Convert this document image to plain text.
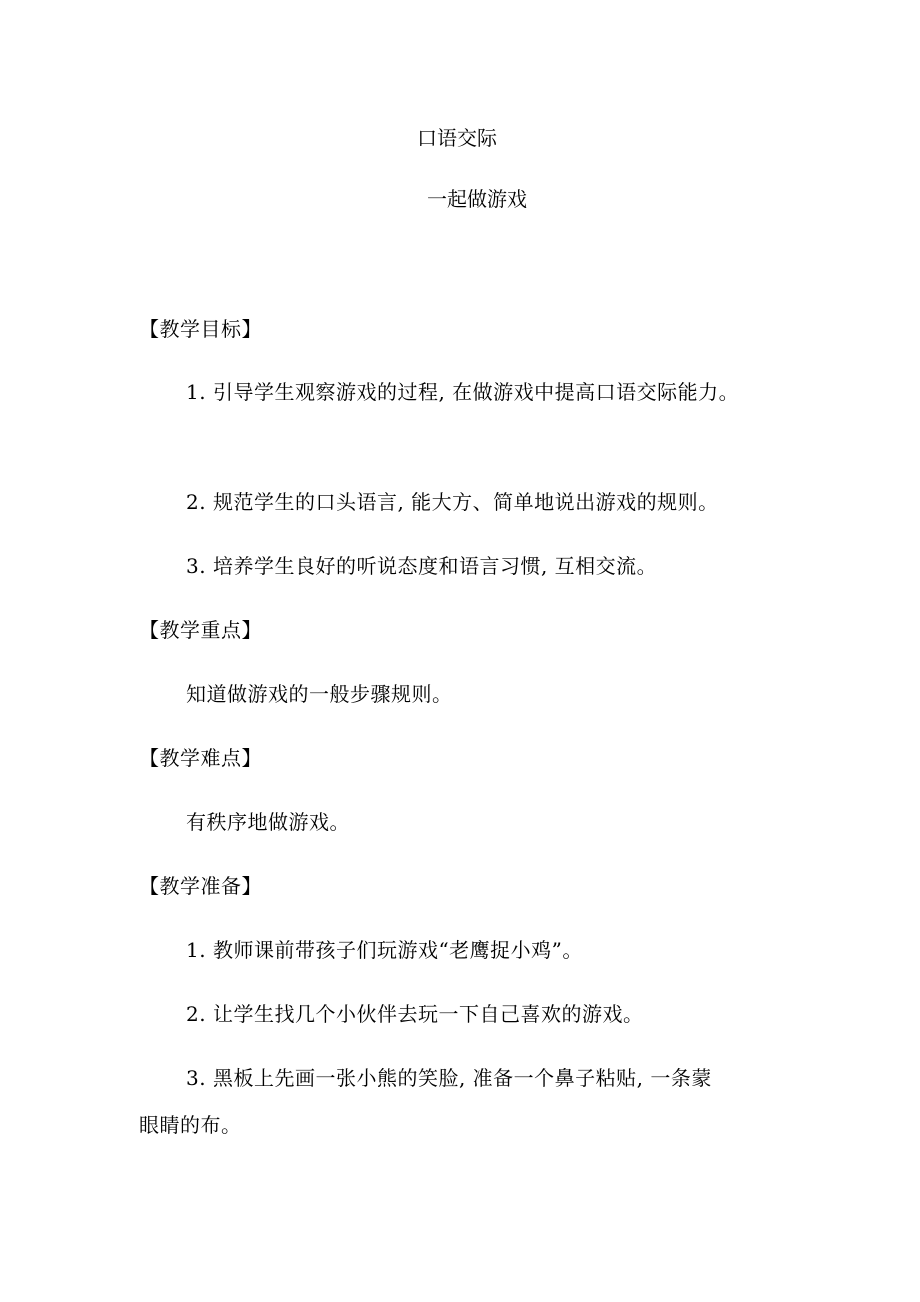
口语交际
一起做游戏
【教学目标】
1. 引导学生观察游戏的过程, 在做游戏中提高口语交际能力。
2. 规范学生的口头语言, 能大方、简单地说出游戏的规则。
3. 培养学生良好的听说态度和语言习惯, 互相交流。
【教学重点】
知道做游戏的一般步骤规则。
【教学难点】
有秩序地做游戏。
【教学准备】
1. 教师课前带孩子们玩游戏“老鹰捉小鸡”。
2. 让学生找几个小伙伴去玩一下自己喜欢的游戏。
3. 黑板上先画一张小熊的笑脸, 准备一个鼻子粘贴, 一条蒙
眼睛的布。
